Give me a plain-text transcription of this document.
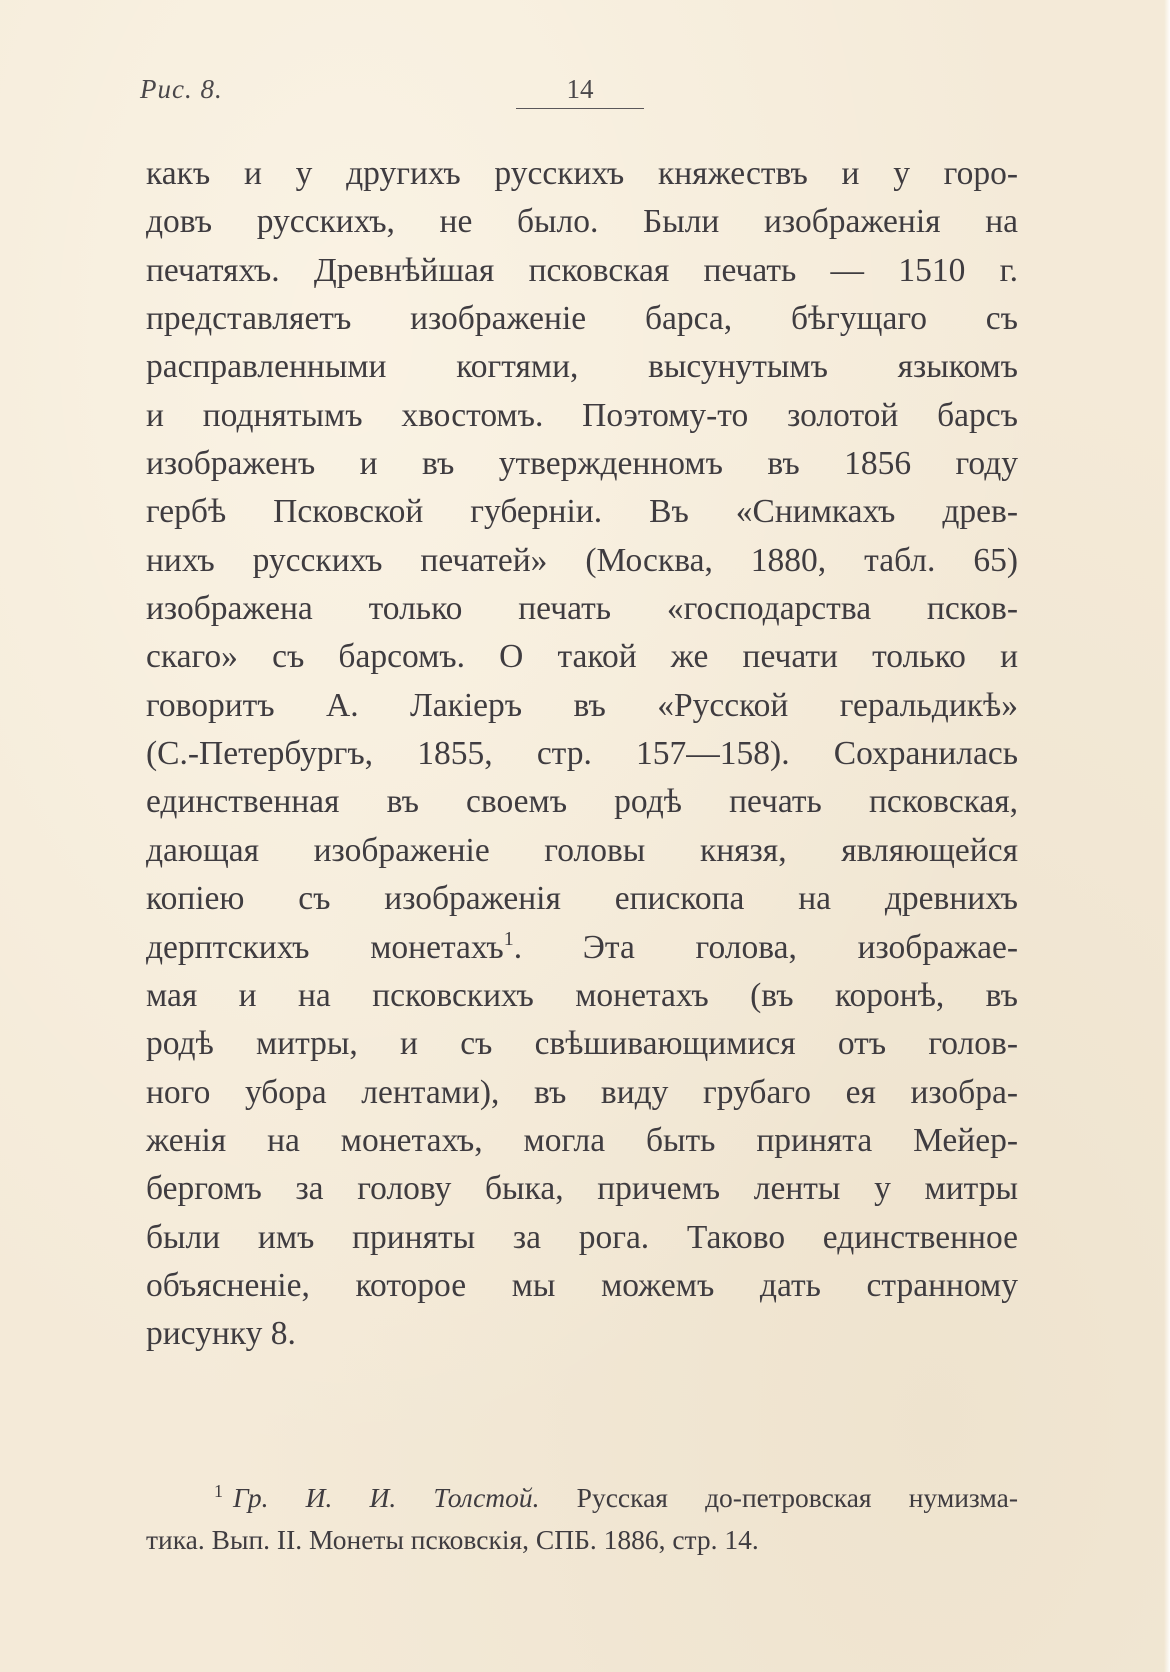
Рис. 8.	14
какъ и у другихъ русскихъ княжествъ и у горо-
довъ русскихъ, не было. Были изображенія на
печатяхъ. Древнѣйшая псковская печать — 1510 г.
представляетъ изображеніе барса, бѣгущаго съ
расправленными когтями, высунутымъ языкомъ
и поднятымъ хвостомъ. Поэтому-то золотой барсъ
изображенъ и въ утвержденномъ въ 1856 году
гербѣ Псковской губерніи. Въ «Снимкахъ древ-
нихъ русскихъ печатей» (Москва, 1880, табл. 65)
изображена только печать «господарства псков-
скаго» съ барсомъ. О такой же печати только и
говоритъ А. Лакіеръ въ «Русской геральдикѣ»
(С.-Петербургъ, 1855, стр. 157—158). Сохранилась
единственная въ своемъ родѣ печать псковская,
дающая изображеніе головы князя, являющейся
копіею съ изображенія епископа на древнихъ
дерптскихъ монетахъ$^1$. Эта голова, изображае-
мая и на псковскихъ монетахъ (въ коронѣ, въ
родѣ митры, и съ свѣшивающимися отъ голов-
ного убора лентами), въ виду грубаго ея изобра-
женія на монетахъ, могла быть принята Мейер-
бергомъ за голову быка, причемъ ленты у митры
были имъ приняты за рога. Таково единственное
объясненіе, которое мы можемъ дать странному
рисунку 8.
$^1$ Гр. И. И. Толстой. Русская до-петровская нумизма-
тика. Вып. II. Монеты псковскія, СПБ. 1886, стр. 14.
